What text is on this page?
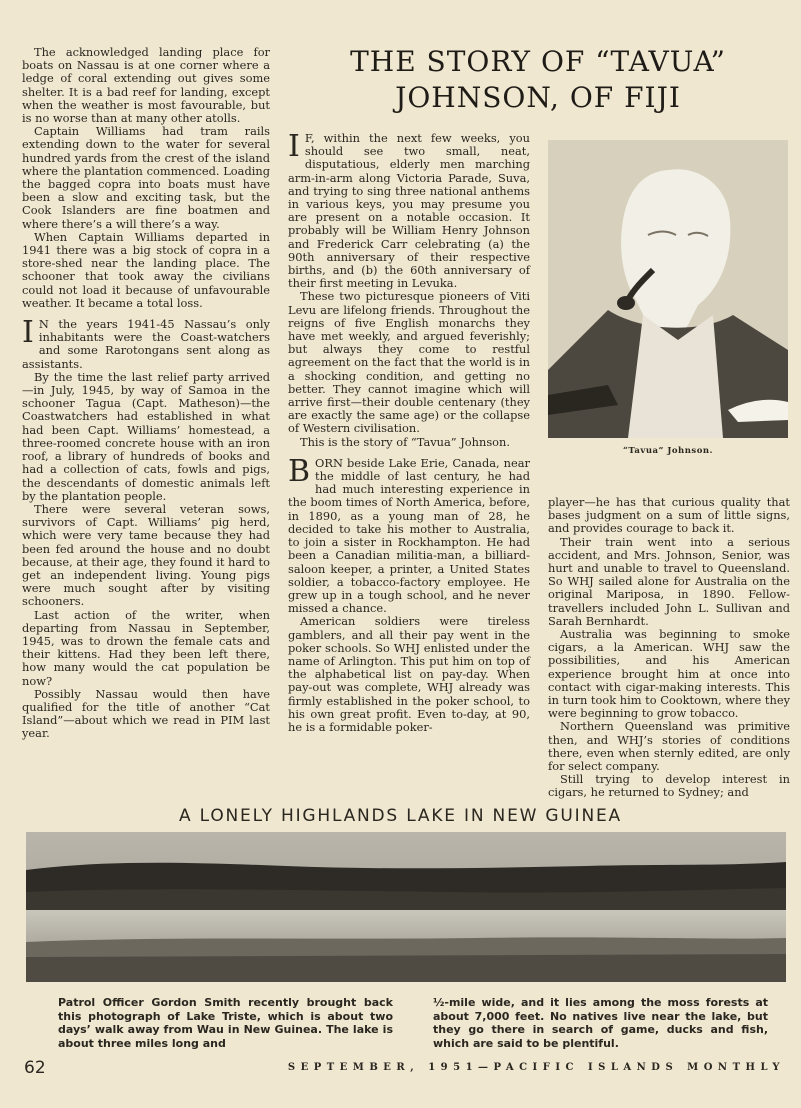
The acknowledged landing place for boats on Nassau is at one corner where a ledge of coral extending out gives some shelter. It is a bad reef for landing, except when the weather is most favourable, but is no worse than at many other atolls.

Captain Williams had tram rails extending down to the water for several hundred yards from the crest of the island where the plantation commenced. Loading the bagged copra into boats must have been a slow and exciting task, but the Cook Islanders are fine boatmen and where there’s a will there’s a way.

When Captain Williams departed in 1941 there was a big stock of copra in a store-shed near the landing place. The schooner that took away the civilians could not load it because of unfavourable weather. It became a total loss.

I N the years 1941-45 Nassau’s only inhabitants were the Coast-watchers and some Rarotongans sent along as assistants.

By the time the last relief party arrived—in July, 1945, by way of Samoa in the schooner Tagua (Capt. Matheson)—the Coastwatchers had established in what had been Capt. Williams’ homestead, a three-roomed concrete house with an iron roof, a library of hundreds of books and had a collection of cats, fowls and pigs, the descendants of domestic animals left by the plantation people.

There were several veteran sows, survivors of Capt. Williams’ pig herd, which were very tame because they had been fed around the house and no doubt because, at their age, they found it hard to get an independent living. Young pigs were much sought after by visiting schooners.

Last action of the writer, when departing from Nassau in September, 1945, was to drown the female cats and their kittens. Had they been left there, how many would the cat population be now?

Possibly Nassau would then have qualified for the title of another “Cat Island”—about which we read in PIM last year.

THE STORY OF “TAVUA”
JOHNSON, OF FIJI

I F, within the next few weeks, you should see two small, neat, disputatious, elderly men marching arm-in-arm along Victoria Parade, Suva, and trying to sing three national anthems in various keys, you may presume you are present on a notable occasion. It probably will be William Henry Johnson and Frederick Carr celebrating (a) the 90th anniversary of their respective births, and (b) the 60th anniversary of their first meeting in Levuka.

These two picturesque pioneers of Viti Levu are lifelong friends. Throughout the reigns of five English monarchs they have met weekly, and argued feverishly; but always they come to restful agreement on the fact that the world is in a shocking condition, and getting no better. They cannot imagine which will arrive first—their double centenary (they are exactly the same age) or the collapse of Western civilisation.

This is the story of “Tavua” Johnson.

BORN beside Lake Erie, Canada, near the middle of last century, he had had much interesting experience in the boom times of North America, before, in 1890, as a young man of 28, he decided to take his mother to Australia, to join a sister in Rockhampton. He had been a Canadian militia-man, a billiard-saloon keeper, a printer, a United States soldier, a tobacco-factory employee. He grew up in a tough school, and he never missed a chance.

American soldiers were tireless gamblers, and all their pay went in the poker schools. So WHJ enlisted under the name of Arlington. This put him on top of the alphabetical list on pay-day. When pay-out was complete, WHJ already was firmly established in the poker school, to his own great profit. Even to-day, at 90, he is a formidable poker-

“Tavua” Johnson.

player—he has that curious quality that bases judgment on a sum of little signs, and provides courage to back it.

Their train went into a serious accident, and Mrs. Johnson, Senior, was hurt and unable to travel to Queensland. So WHJ sailed alone for Australia on the original Mariposa, in 1890. Fellow-travellers included John L. Sullivan and Sarah Bernhardt.

Australia was beginning to smoke cigars, a la American. WHJ saw the possibilities, and his American experience brought him at once into contact with cigar-making interests. This in turn took him to Cooktown, where they were beginning to grow tobacco.

Northern Queensland was primitive then, and WHJ’s stories of conditions there, even when sternly edited, are only for select company.

Still trying to develop interest in cigars, he returned to Sydney; and

A LONELY HIGHLANDS LAKE IN NEW GUINEA

Patrol Officer Gordon Smith recently brought back this photograph of Lake Triste, which is about two days’ walk away from Wau in New Guinea. The lake is about three miles long and

½-mile wide, and it lies among the moss forests at about 7,000 feet. No natives live near the lake, but they go there in search of game, ducks and fish, which are said to be plentiful.

62	SEPTEMBER, 1951—PACIFIC ISLANDS MONTHLY
